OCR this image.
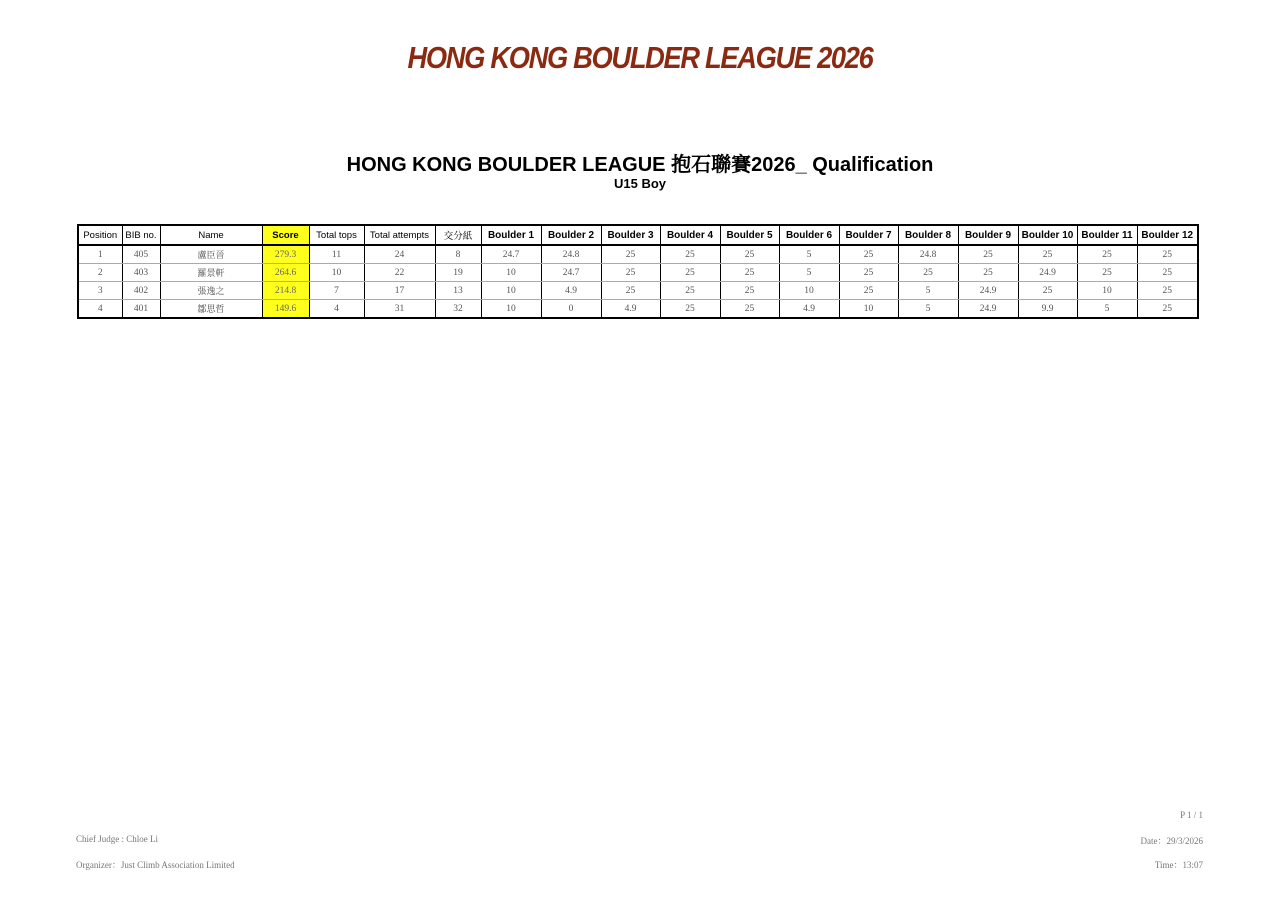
HONG KONG BOULDER LEAGUE 2026
HONG KONG BOULDER LEAGUE 抱石聯賽2026_ Qualification
U15 Boy
Position	BIB no.	Name	Score	Total tops	Total attempts	交分紙	Boulder 1	Boulder 2	Boulder 3	Boulder 4	Boulder 5	Boulder 6	Boulder 7	Boulder 8	Boulder 9	Boulder 10	Boulder 11	Boulder 12
1	405	盧臣晉	279.3	11	24	8	24.7	24.8	25	25	25	5	25	24.8	25	25	25	25
2	403	羅景軒	264.6	10	22	19	10	24.7	25	25	25	5	25	25	25	24.9	25	25
3	402	張逸之	214.8	7	17	13	10	4.9	25	25	25	10	25	5	24.9	25	10	25
4	401	鄒思哲	149.6	4	31	32	10	0	4.9	25	25	4.9	10	5	24.9	9.9	5	25
P 1 / 1
Chief Judge : Chloe Li
Organizer：Just Climb Association Limited
Date：29/3/2026
Time：13:07
